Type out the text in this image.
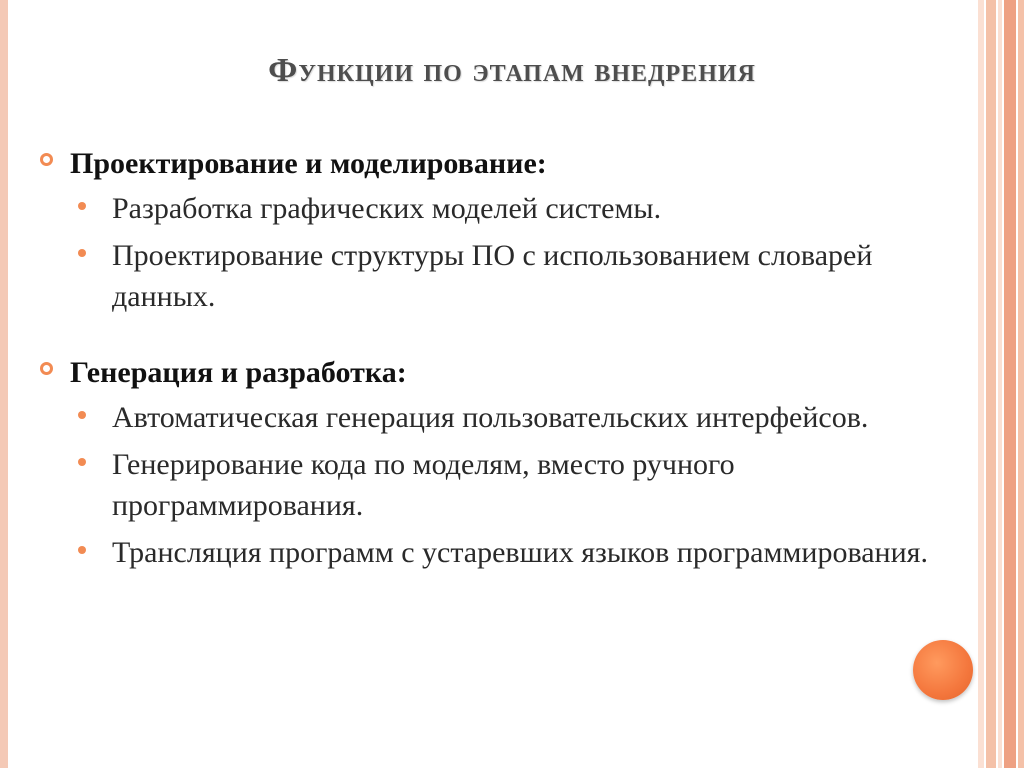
Функции по этапам внедрения
Проектирование и моделирование:
Разработка графических моделей системы.
Проектирование структуры ПО с использованием словарей данных.
Генерация и разработка:
Автоматическая генерация пользовательских интерфейсов.
Генерирование кода по моделям, вместо ручного программирования.
Трансляция программ с устаревших языков программирования.
